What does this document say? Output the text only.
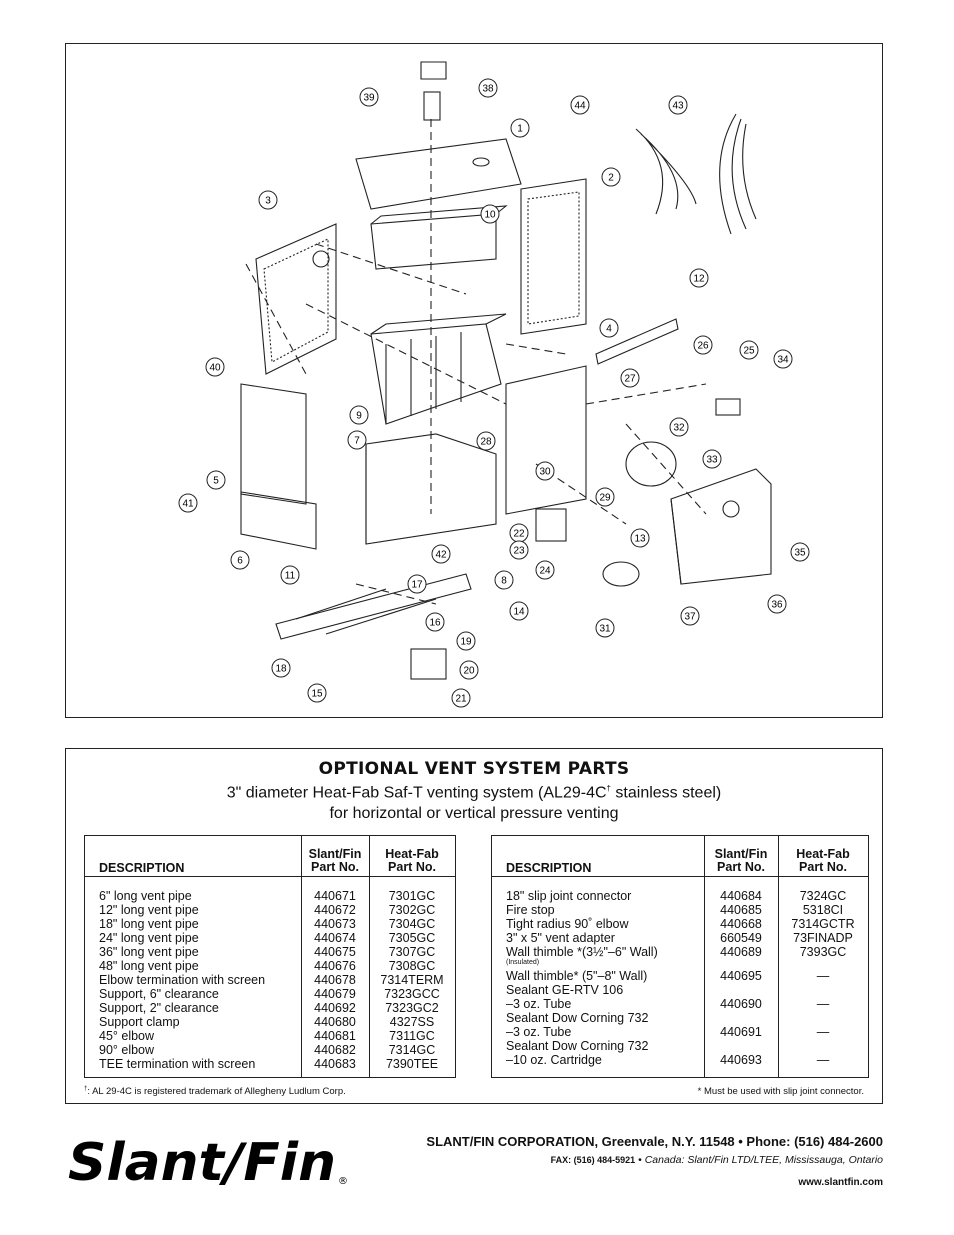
1
2
3
4
5
6
7
8
9
10
11
12
13
14
15
16
17
18
19
20
21
22
23
24
25
26
27
28
29
30
31
32
33
34
35
36
37
38
39
40
41
42
43
44
OPTIONAL VENT SYSTEM PARTS
3" diameter Heat-Fab Saf-T venting system (AL29-4C† stainless steel)
for horizontal or vertical pressure venting
DESCRIPTION
Slant/Fin
Part No.
Heat-Fab
Part No.
6" long vent pipe	440671	7301GC
12" long vent pipe	440672	7302GC
18" long vent pipe	440673	7304GC
24" long vent pipe	440674	7305GC
36" long vent pipe	440675	7307GC
48" long vent pipe	440676	7308GC
Elbow termination with screen	440678	7314TERM
Support, 6" clearance	440679	7323GCC
Support, 2" clearance	440692	7323GC2
Support clamp	440680	4327SS
45° elbow	440681	7311GC
90° elbow	440682	7314GC
TEE termination with screen	440683	7390TEE
DESCRIPTION
Slant/Fin
Part No.
Heat-Fab
Part No.
18" slip joint connector	440684	7324GC
Fire stop	440685	5318CI
Tight radius 90˚ elbow	440668	7314GCTR
3" x 5" vent adapter	660549	73FINADP
Wall thimble *(3½"–6" Wall)	440689	7393GC
(Insulated)
Wall thimble* (5"–8" Wall)	440695	—
Sealant GE-RTV 106
–3 oz. Tube	440690	—
Sealant Dow Corning 732
–3 oz. Tube	440691	—
Sealant Dow Corning 732
–10 oz. Cartridge	440693	—
†: AL 29-4C is registered trademark of Allegheny Ludlum Corp.	* Must be used with slip joint connector.
Slant/Fin ®
SLANT/FIN CORPORATION, Greenvale, N.Y. 11548 • Phone: (516) 484-2600
FAX: (516) 484-5921 • Canada: Slant/Fin LTD/LTEE, Mississauga, Ontario
www.slantfin.com
